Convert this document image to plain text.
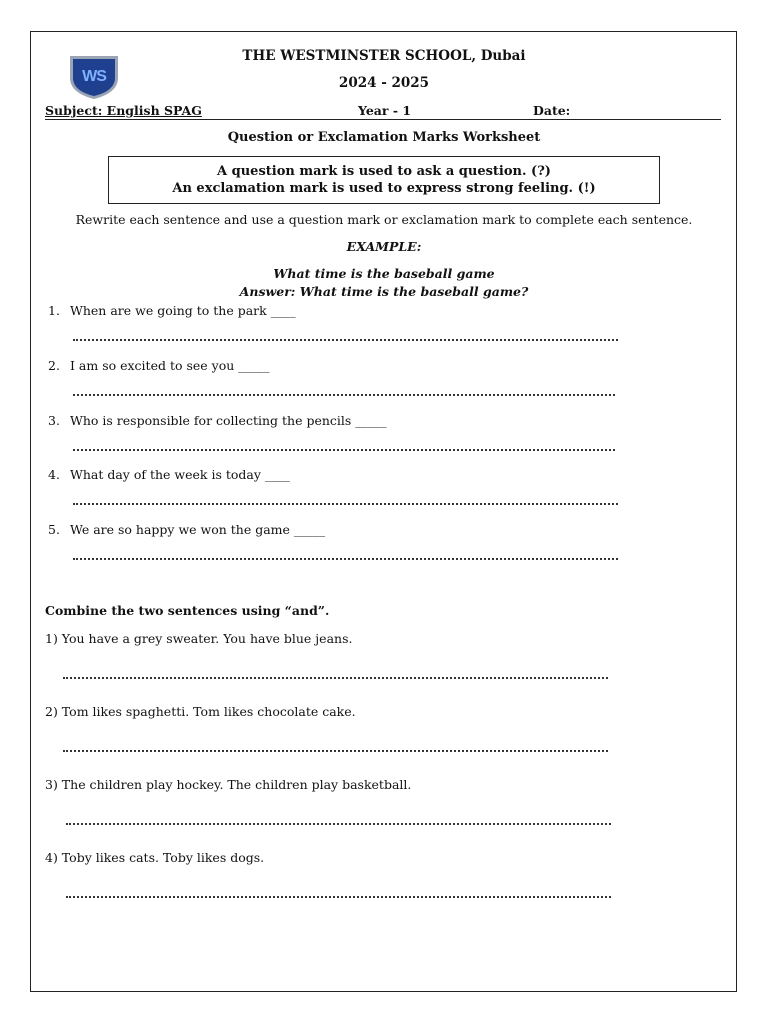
WS
THE WESTMINSTER SCHOOL, Dubai
2024 - 2025
Subject: English SPAG	Year - 1	Date:
Question or Exclamation Marks Worksheet
A question mark is used to ask a question. (?)
An exclamation mark is used to express strong feeling. (!)
Rewrite each sentence and use a question mark or exclamation mark to complete each sentence.
EXAMPLE:
What time is the baseball game
Answer: What time is the baseball game?
1. When are we going to the park ____
2. I am so excited to see you _____
3. Who is responsible for collecting the pencils _____
4. What day of the week is today ____
5. We are so happy we won the game _____
Combine the two sentences using “and”.
1) You have a grey sweater. You have blue jeans.
2) Tom likes spaghetti. Tom likes chocolate cake.
3) The children play hockey. The children play basketball.
4) Toby likes cats. Toby likes dogs.
